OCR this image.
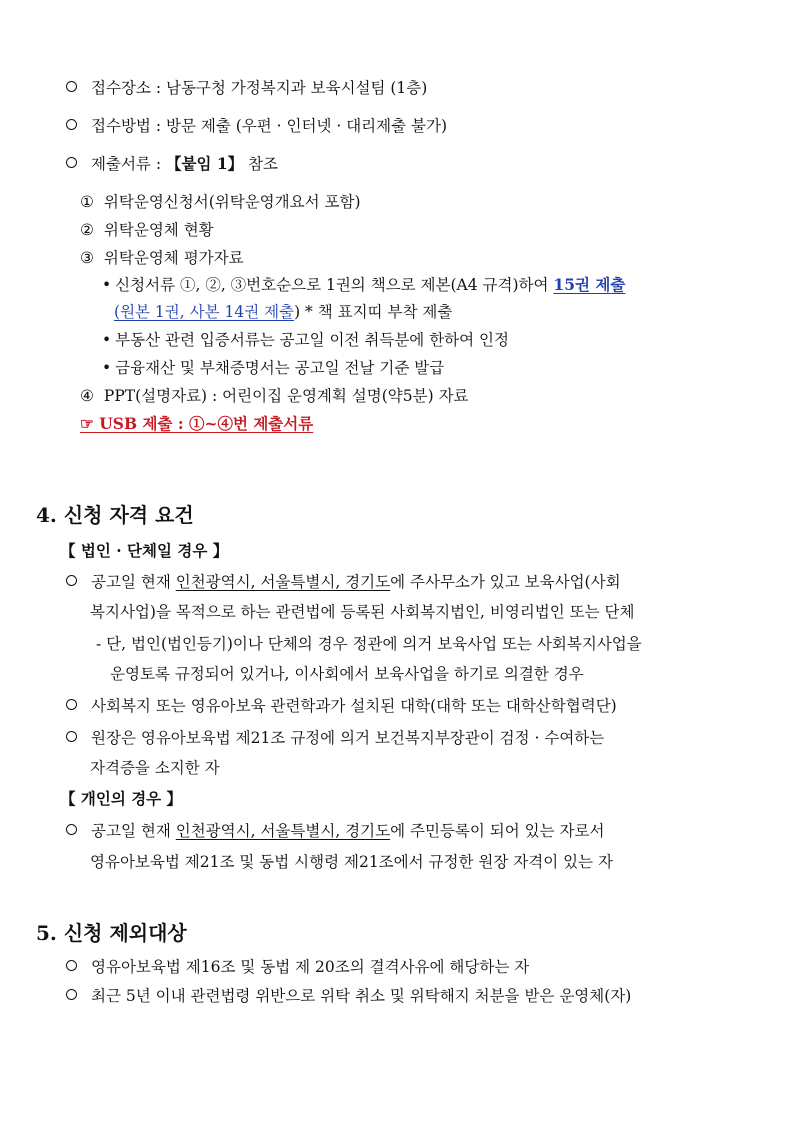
접수장소 : 남동구청 가정복지과 보육시설팀 (1층)
접수방법 : 방문 제출 (우편 · 인터넷 · 대리제출 불가)
제출서류 : 【붙임 1】 참조
① 위탁운영신청서(위탁운영개요서 포함)
② 위탁운영체 현황
③ 위탁운영체 평가자료
• 신청서류 ①, ②, ③번호순으로 1권의 책으로 제본(A4 규격)하여 15권 제출
(원본 1권, 사본 14권 제출) * 책 표지띠 부착 제출
• 부동산 관련 입증서류는 공고일 이전 취득분에 한하여 인정
• 금융재산 및 부채증명서는 공고일 전날 기준 발급
④ PPT(설명자료) : 어린이집 운영계획 설명(약5분) 자료
☞ USB 제출 : ①~④번 제출서류
4. 신청 자격 요건
【 법인 · 단체일 경우 】
공고일 현재 인천광역시, 서울특별시, 경기도에 주사무소가 있고 보육사업(사회
복지사업)을 목적으로 하는 관련법에 등록된 사회복지법인, 비영리법인 또는 단체
- 단, 법인(법인등기)이나 단체의 경우 정관에 의거 보육사업 또는 사회복지사업을
운영토록 규정되어 있거나, 이사회에서 보육사업을 하기로 의결한 경우
사회복지 또는 영유아보육 관련학과가 설치된 대학(대학 또는 대학산학협력단)
원장은 영유아보육법 제21조 규정에 의거 보건복지부장관이 검정 · 수여하는
자격증을 소지한 자
【 개인의 경우 】
공고일 현재 인천광역시, 서울특별시, 경기도에 주민등록이 되어 있는 자로서
영유아보육법 제21조 및 동법 시행령 제21조에서 규정한 원장 자격이 있는 자
5. 신청 제외대상
영유아보육법 제16조 및 동법 제 20조의 결격사유에 해당하는 자
최근 5년 이내 관련법령 위반으로 위탁 취소 및 위탁해지 처분을 받은 운영체(자)
